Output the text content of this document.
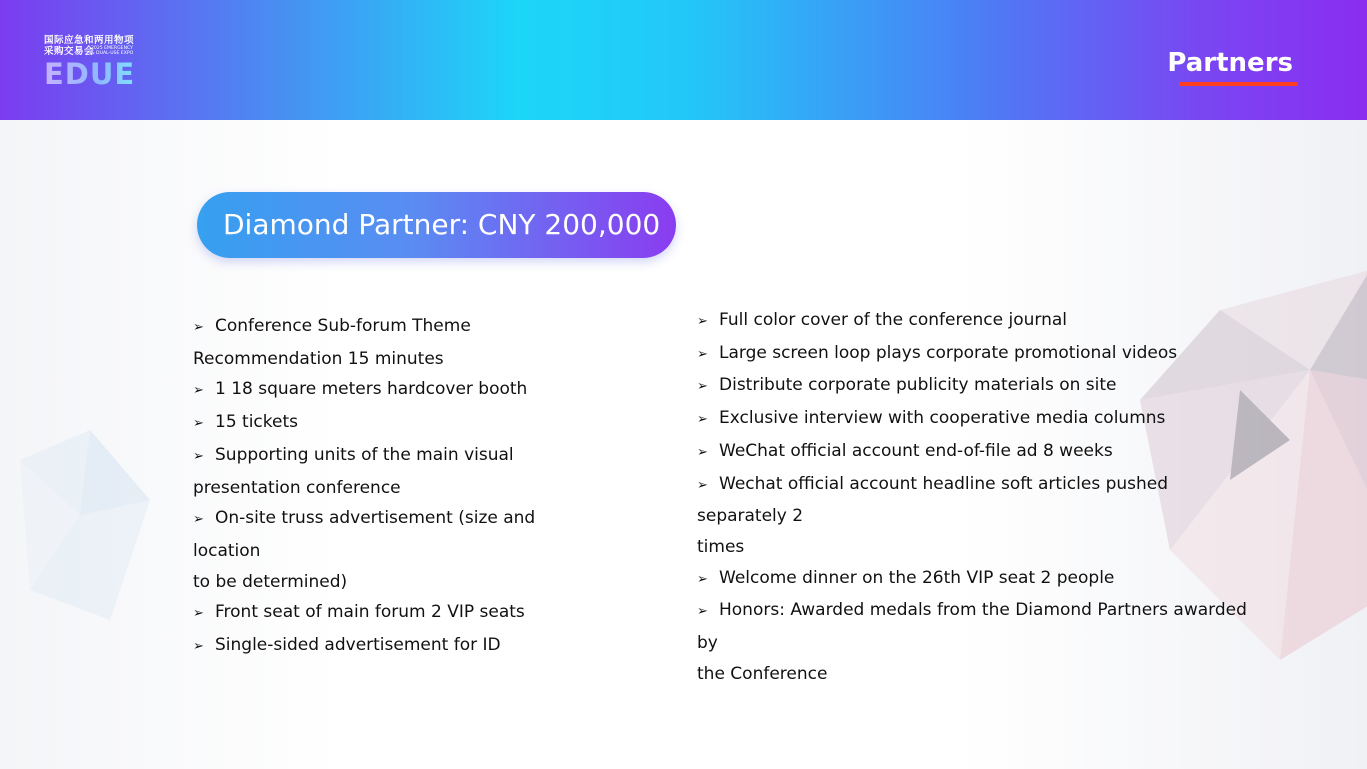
国际应急和两用物项
采购交易会
2025 EMERGENCY
& DUAL-USE EXPO
EDUE	Partners
Diamond Partner: CNY 200,000
➢ Conference Sub-forum Theme
Recommendation 15 minutes
➢ 1 18 square meters hardcover booth
➢ 15 tickets
➢ Supporting units of the main visual
presentation conference
➢ On-site truss advertisement (size and location
to be determined)
➢ Front seat of main forum 2 VIP seats
➢ Single-sided advertisement for ID
➢ Full color cover of the conference journal
➢ Large screen loop plays corporate promotional videos
➢ Distribute corporate publicity materials on site
➢ Exclusive interview with cooperative media columns
➢ WeChat official account end-of-file ad 8 weeks
➢ Wechat official account headline soft articles pushed separately 2
times
➢ Welcome dinner on the 26th VIP seat 2 people
➢ Honors: Awarded medals from the Diamond Partners awarded by
the Conference
